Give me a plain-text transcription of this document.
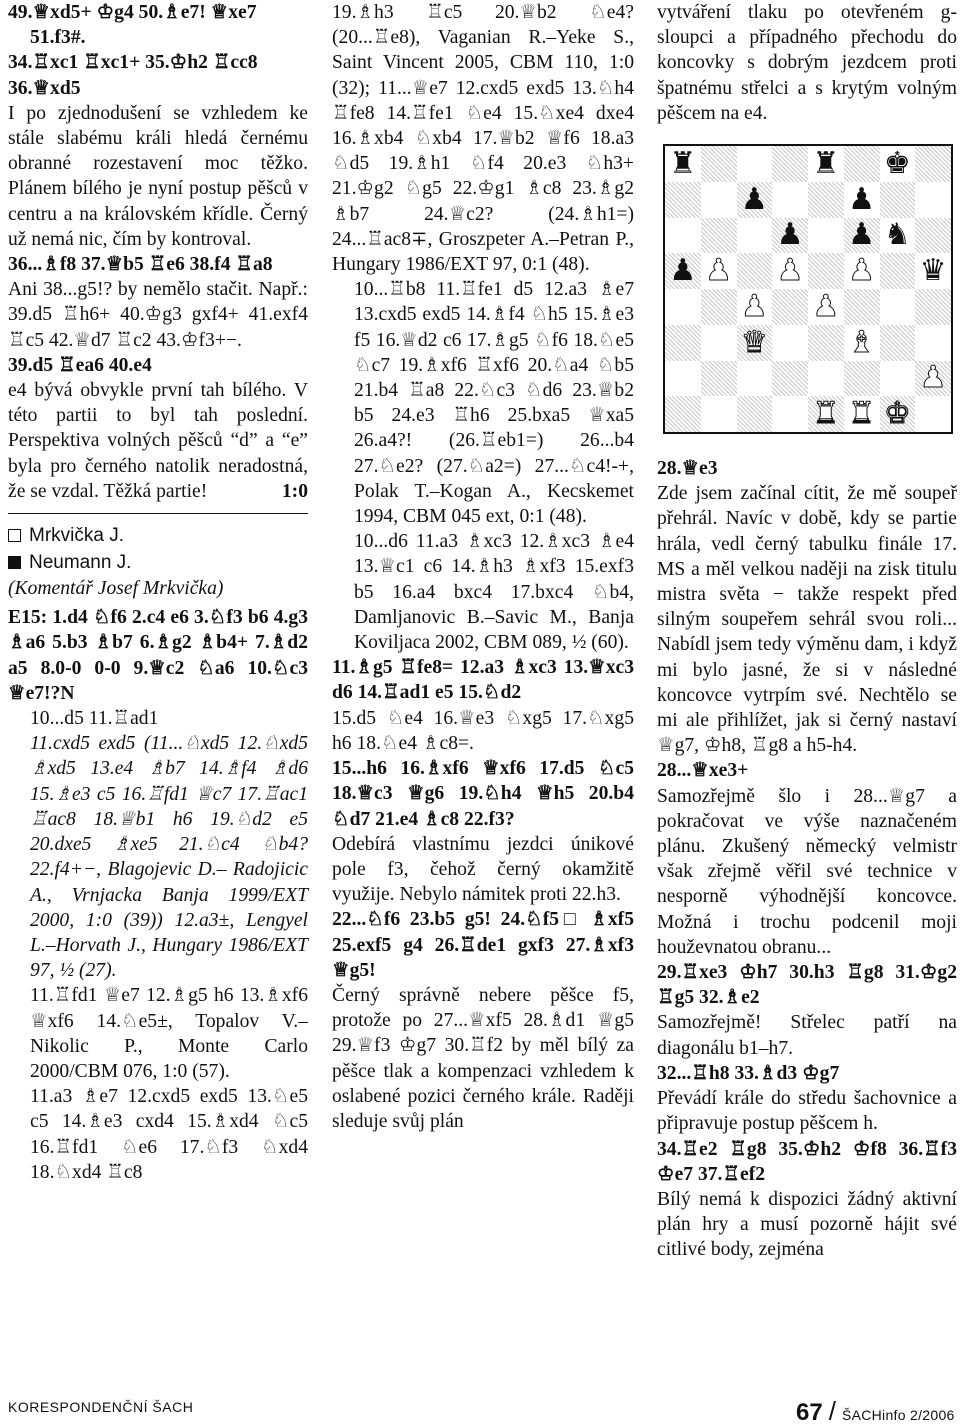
49.♕xd5+ ♔g4 50.♗e7! ♕xe7

51.f3#.

34.♖xc1 ♖xc1+ 35.♔h2 ♖cc8

36.♕xd5

I po zjednodušení se vzhledem ke stále slabému králi hledá černému obranné rozestavení moc těžko. Plánem bílého je nyní postup pěšců v centru a na královském křídle. Černý už nemá nic, čím by kontroval.

36...♗f8 37.♕b5 ♖e6 38.f4 ♖a8

Ani 38...g5!? by nemělo stačit. Např.: 39.d5 ♖h6+ 40.♔g3 gxf4+ 41.exf4 ♖c5 42.♕d7 ♖c2 43.♔f3+−.

39.d5 ♖ea6 40.e4

e4 bývá obvykle první tah bílého. V této partii to byl tah poslední. Perspektiva volných pěšců “d” a “e” byla pro černého natolik neradostná, že se vzdal. Těžká partie!	1:0

Mrkvička J.
Neumann J.

(Komentář Josef Mrkvička)

E15: 1.d4 ♘f6 2.c4 e6 3.♘f3 b6 4.g3 ♗a6 5.b3 ♗b7 6.♗g2 ♗b4+ 7.♗d2 a5 8.0-0 0-0 9.♕c2 ♘a6 10.♘c3 ♕e7!?N

10...d5 11.♖ad1

11.cxd5 exd5 (11...♘xd5 12.♘xd5 ♗xd5 13.e4 ♗b7 14.♗f4 ♗d6 15.♗e3 c5 16.♖fd1 ♕c7 17.♖ac1 ♖ac8 18.♕b1 h6 19.♘d2 e5 20.dxe5 ♗xe5 21.♘c4 ♘b4? 22.f4+−, Blagojevic D.– Radojicic A., Vrnjacka Banja 1999/EXT 2000, 1:0 (39)) 12.a3±, Lengyel L.–Horvath J., Hungary 1986/EXT 97, ½ (27).

11.♖fd1 ♕e7 12.♗g5 h6 13.♗xf6 ♕xf6 14.♘e5±, Topalov V.–Nikolic P., Monte Carlo 2000/CBM 076, 1:0 (57).

11.a3 ♗e7 12.cxd5 exd5 13.♘e5 c5 14.♗e3 cxd4 15.♗xd4 ♘c5 16.♖fd1 ♘e6 17.♘f3 ♘xd4 18.♘xd4 ♖c8

19.♗h3 ♖c5 20.♕b2 ♘e4? (20...♖e8), Vaganian R.–Yeke S., Saint Vincent 2005, CBM 110, 1:0 (32); 11...♕e7 12.cxd5 exd5 13.♘h4 ♖fe8 14.♖fe1 ♘e4 15.♘xe4 dxe4 16.♗xb4 ♘xb4 17.♕b2 ♕f6 18.a3 ♘d5 19.♗h1 ♘f4 20.e3 ♘h3+ 21.♔g2 ♘g5 22.♔g1 ♗c8 23.♗g2 ♗b7 24.♕c2? (24.♗h1=) 24...♖ac8∓, Groszpeter A.–Petran P., Hungary 1986/EXT 97, 0:1 (48).

10...♖b8 11.♖fe1 d5 12.a3 ♗e7 13.cxd5 exd5 14.♗f4 ♘h5 15.♗e3 f5 16.♕d2 c6 17.♗g5 ♘f6 18.♘e5 ♘c7 19.♗xf6 ♖xf6 20.♘a4 ♘b5 21.b4 ♖a8 22.♘c3 ♘d6 23.♕b2 b5 24.e3 ♖h6 25.bxa5 ♕xa5 26.a4?! (26.♖eb1=) 26...b4 27.♘e2? (27.♘a2=) 27...♘c4!-+, Polak T.–Kogan A., Kecskemet 1994, CBM 045 ext, 0:1 (48).

10...d6 11.a3 ♗xc3 12.♗xc3 ♗e4 13.♕c1 c6 14.♗h3 ♗xf3 15.exf3 b5 16.a4 bxc4 17.bxc4 ♘b4, Damljanovic B.–Savic M., Banja Koviljaca 2002, CBM 089, ½ (60).

11.♗g5 ♖fe8= 12.a3 ♗xc3 13.♕xc3 d6 14.♖ad1 e5 15.♘d2

15.d5 ♘e4 16.♕e3 ♘xg5 17.♘xg5 h6 18.♘e4 ♗c8=.

15...h6 16.♗xf6 ♕xf6 17.d5 ♘c5 18.♕c3 ♕g6 19.♘h4 ♕h5 20.b4 ♘d7 21.e4 ♗c8 22.f3?

Odebírá vlastnímu jezdci únikové pole f3, čehož černý okamžitě využije. Nebylo námitek proti 22.h3.

22...♘f6 23.b5 g5! 24.♘f5□ ♗xf5 25.exf5 g4 26.♖de1 gxf3 27.♗xf3 ♕g5!

Černý správně nebere pěšce f5, protože po 27...♕xf5 28.♗d1 ♕g5 29.♕f3 ♔g7 30.♖f2 by měl bílý za pěšce tlak a kompenzaci vzhledem k oslabené pozici černého krále. Raději sleduje svůj plán

vytváření tlaku po otevřeném g-sloupci a případného přechodu do koncovky s dobrým jezdcem proti špatnému střelci a s krytým volným pěšcem na e4.

♜	♜ ♚
♟	♟
♟ ♟ ♞
♟ ♟ ♟ ♟ ♛
♟ ♟
♛	♝
♟
♜ ♜ ♚

28.♕e3

Zde jsem začínal cítit, že mě soupeř přehrál. Navíc v době, kdy se partie hrála, vedl černý tabulku finále 17. MS a měl velkou naději na zisk titulu mistra světa − takže respekt před silným soupeřem sehrál svou roli... Nabídl jsem tedy výměnu dam, i když mi bylo jasné, že si v následné koncovce vytrpím své. Nechtělo se mi ale přihlížet, jak si černý nastaví ♕g7, ♔h8, ♖g8 a h5-h4.

28...♕xe3+

Samozřejmě šlo i 28...♕g7 a pokračovat ve výše naznačeném plánu. Zkušený německý velmistr však zřejmě věřil své technice v nesporně výhodnější koncovce. Možná i trochu podcenil moji houževnatou obranu...

29.♖xe3 ♔h7 30.h3 ♖g8 31.♔g2 ♖g5 32.♗e2

Samozřejmě! Střelec patří na diagonálu b1–h7.

32...♖h8 33.♗d3 ♔g7

Převádí krále do středu šachovnice a připravuje postup pěšcem h.

34.♖e2 ♖g8 35.♔h2 ♔f8 36.♖f3 ♔e7 37.♖ef2

Bílý nemá k dispozici žádný aktivní plán hry a musí pozorně hájit své citlivé body, zejména

KORESPONDENČNÍ ŠACH	67 / ŠACHinfo 2/2006
